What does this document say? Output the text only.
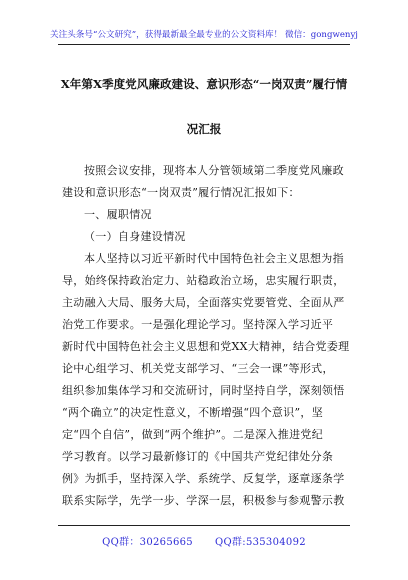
关注头条号“公文研究”，获得最新最全最专业的公文资料库！ 微信：gongwenyj
X年第X季度党风廉政建设、意识形态“一岗双责”履行情
况汇报
按照会议安排，现将本人分管领域第二季度党风廉政
建设和意识形态“一岗双责”履行情况汇报如下：
一、履职情况
（一）自身建设情况
本人坚持以习近平新时代中国特色社会主义思想为指
导，始终保持政治定力、站稳政治立场，忠实履行职责，
主动融入大局、服务大局，全面落实党要管党、全面从严
治党工作要求。一是强化理论学习。坚持深入学习近平
新时代中国特色社会主义思想和党XX大精神，结合党委理
论中心组学习、机关党支部学习、“三会一课”等形式，
组织参加集体学习和交流研讨，同时坚持自学，深刻领悟
“两个确立”的决定性意义，不断增强“四个意识”，坚
定“四个自信”，做到“两个维护”。二是深入推进党纪
学习教育。以学习最新修订的《中国共产党纪律处分条
例》为抓手，坚持深入学、系统学、反复学，逐章逐条学
联系实际学，先学一步、学深一层，积极参与参观警示教
QQ群：30265665 QQ群:535304092
